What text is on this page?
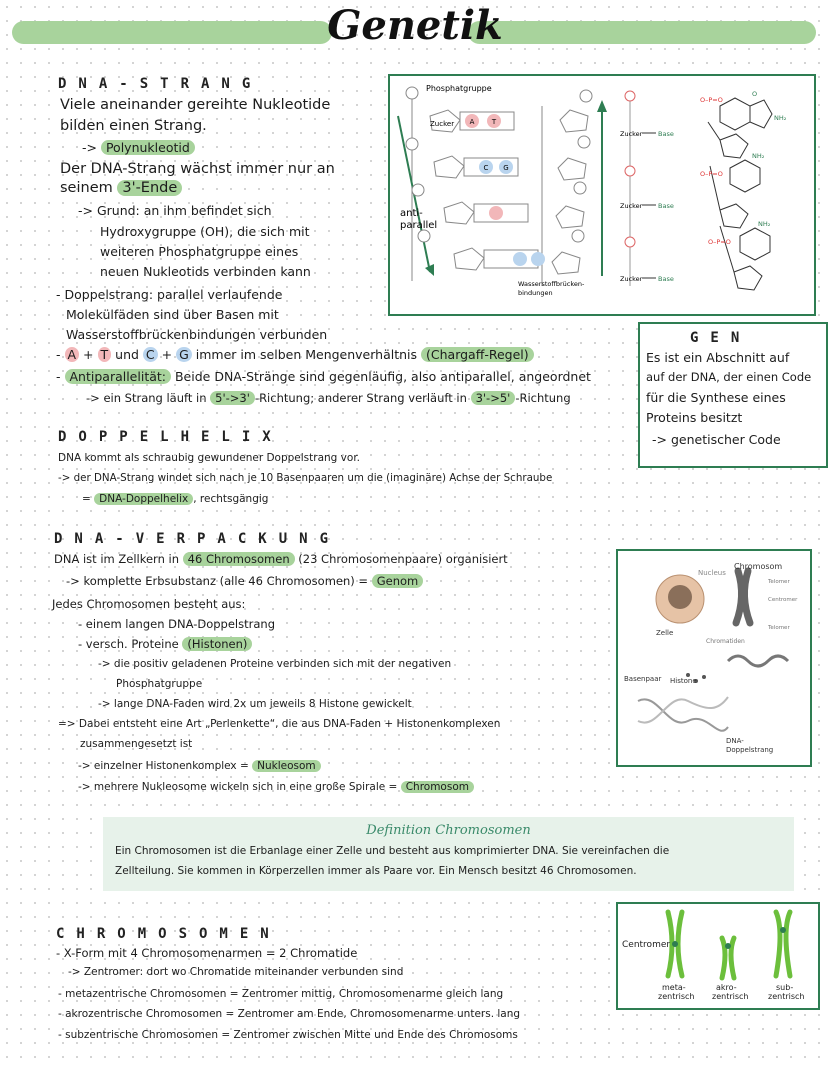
Genetik
DNA-STRANG
Viele aneinander gereihte Nukleotide
bilden einen Strang.
-> Polynukleotid
Der DNA-Strang wächst immer nur an
seinem 3'-Ende
-> Grund: an ihm befindet sich
Hydroxygruppe (OH), die sich mit
weiteren Phosphatgruppe eines
neuen Nukleotids verbinden kann
- Doppelstrang: parallel verlaufende
Molekülfäden sind über Basen mit
Wasserstoffbrückenbindungen verbunden
- A + T und C + G immer im selben Mengenverhältnis (Chargaff-Regel)
- Antiparallelität: Beide DNA-Stränge sind gegenläufig, also antiparallel, angeordnet
-> ein Strang läuft in 5'->3' -Richtung; anderer Strang verläuft in 3'->5' -Richtung
A T
C G
Phosphatgruppe
Zucker
anti-
parallel
Wasserstoffbrücken-
bindungen
Zucker Base
Zucker Base
Zucker Base
O–P=O
O–P=O
O–P=O
O
NH₂
NH₂
NH₂
GEN
Es ist ein Abschnitt auf
auf der DNA, der einen Code
für die Synthese eines
Proteins besitzt
-> genetischer Code
DOPPELHELIX
DNA kommt als schraubig gewundener Doppelstrang vor.
-> der DNA-Strang windet sich nach je 10 Basenpaaren um die (imaginäre) Achse der Schraube
= DNA-Doppelhelix , rechtsgängig
DNA-VERPACKUNG
DNA ist im Zellkern in 46 Chromosomen (23 Chromosomenpaare) organisiert
-> komplette Erbsubstanz (alle 46 Chromosomen) = Genom
Jedes Chromosomen besteht aus:
- einem langen DNA-Doppelstrang
- versch. Proteine (Histonen)
-> die positiv geladenen Proteine verbinden sich mit der negativen
Phosphatgruppe
-> lange DNA-Faden wird 2x um jeweils 8 Histone gewickelt
=> Dabei entsteht eine Art „Perlenkette“, die aus DNA-Faden + Histonenkomplexen
zusammengesetzt ist
-> einzelner Histonenkomplex = Nukleosom
-> mehrere Nukleosome wickeln sich in eine große Spirale = Chromosom
Nucleus
Chromosom
Telomer
Centromer
Telomer
Zelle
Chromatiden
Basenpaar Histone
DNA-
Doppelstrang
Definition Chromosomen
Ein Chromosomen ist die Erbanlage einer Zelle und besteht aus komprimierter DNA. Sie vereinfachen die
Zellteilung. Sie kommen in Körperzellen immer als Paare vor. Ein Mensch besitzt 46 Chromosomen.
CHROMOSOMEN
- X-Form mit 4 Chromosomenarmen = 2 Chromatide
-> Zentromer: dort wo Chromatide miteinander verbunden sind
- metazentrische Chromosomen = Zentromer mittig, Chromosomenarme gleich lang
- akrozentrische Chromosomen = Zentromer am Ende, Chromosomenarme unters. lang
- subzentrische Chromosomen = Zentromer zwischen Mitte und Ende des Chromosoms
Centromer
meta-
zentrisch
akro-
zentrisch
sub-
zentrisch
